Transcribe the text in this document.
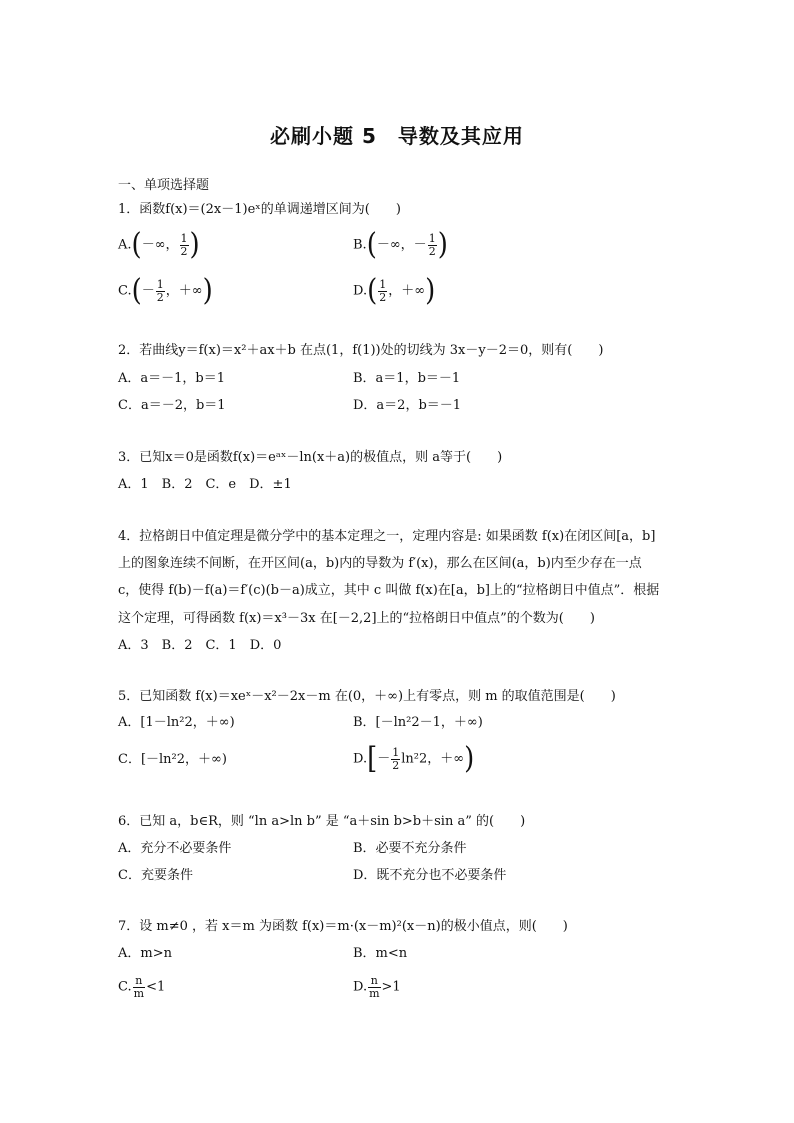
必刷小题 5　导数及其应用
一、单项选择题
1．函数f(x)＝(2x－1)eˣ的单调递增区间为(　　)
A.(－∞， $\frac{1}{2}$ )	B.(－∞，－ $\frac{1}{2}$ )
$C.(- \frac{1}{2}$ ，＋∞)	$D.( \frac{1}{2}$ ，＋∞)
2．若曲线y＝f(x)＝x²＋ax＋b 在点(1，f(1))处的切线为 3x－y－2＝0，则有(　　)
A．a＝－1，b＝1	B．a＝1，b＝－1
C．a＝－2，b＝1	D．a＝2，b＝－1
3．已知x＝0是函数f(x)＝eᵃˣ－ln(x＋a)的极值点，则 a等于(　　)
A．1　B．2　C．e　D．±1
4．拉格朗日中值定理是微分学中的基本定理之一，定理内容是: 如果函数 f(x)在闭区间[a，b]
上的图象连续不间断，在开区间(a，b)内的导数为 f′(x)，那么在区间(a，b)内至少存在一点
c，使得 f(b)－f(a)＝f′(c)(b－a)成立，其中 c 叫做 f(x)在[a，b]上的“拉格朗日中值点”．根据
这个定理，可得函数 f(x)＝x³－3x 在[－2,2]上的“拉格朗日中值点”的个数为(　　)
A．3　B．2　C．1　D．0
5．已知函数 f(x)＝xeˣ－x²－2x－m 在(0，＋∞)上有零点，则 m 的取值范围是(　　)
A．[1－ln²2，＋∞)	B．[－ln²2－1，＋∞)
C．[－ln²2，＋∞)	$D.[- \frac{1}{2} \ln^22$，＋∞)
6．已知 a，b∈R，则 “ln a>ln b” 是 “a＋sin b>b＋sin a” 的(　　)
A．充分不必要条件	B．必要不充分条件
C．充要条件	D．既不充分也不必要条件
7．设 m≠0 ，若 x＝m 为函数 f(x)＝m·(x－m)²(x－n)的极小值点，则(　　)
A．m>n	B．m<n
C. $\frac{n}{m} <1$	D. $\frac{n}{m} >1$
